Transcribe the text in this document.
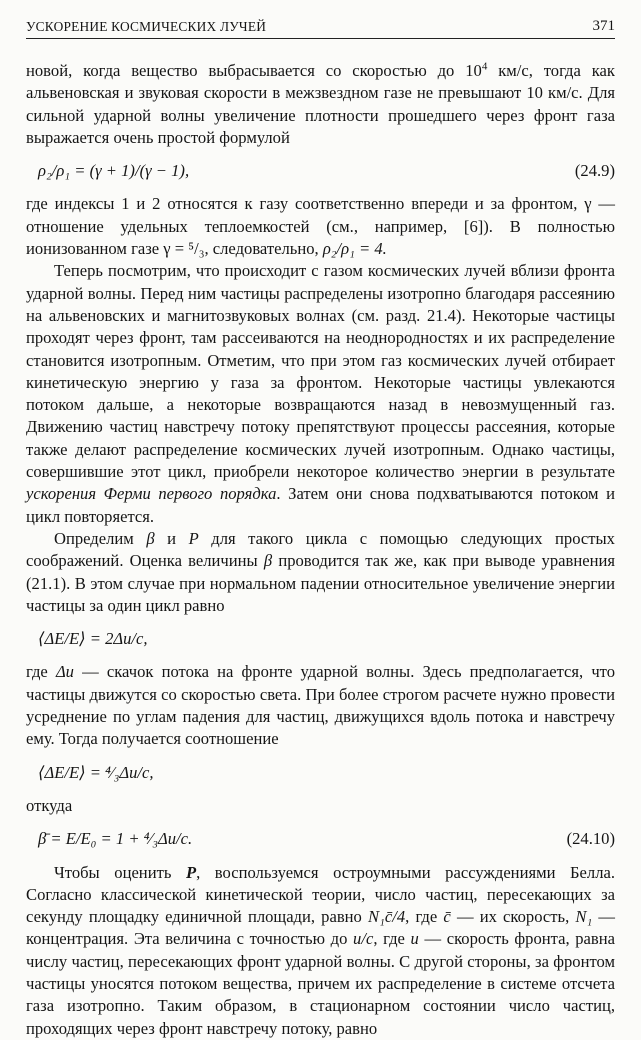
УСКОРЕНИЕ КОСМИЧЕСКИХ ЛУЧЕЙ	371

новой, когда вещество выбрасывается со скоростью до $10^4$ км/с, тогда как альвеновская и звуковая скорости в межзвездном газе не превышают 10 км/с. Для сильной ударной волны увеличение плотности прошедшего через фронт газа выражается очень простой формулой

ρ₂/ρ₁ = (γ + 1)/(γ − 1),	(24.9)

где индексы 1 и 2 относятся к газу соответственно впереди и за фронтом, γ — отношение удельных теплоемкостей (см., например, [6]). В полностью ионизованном газе γ = ⁵/₃, следовательно, ρ₂/ρ₁ = 4.

Теперь посмотрим, что происходит с газом космических лучей вблизи фронта ударной волны. Перед ним частицы распределены изотропно благодаря рассеянию на альвеновских и магнитозвуковых волнах (см. разд. 21.4). Некоторые частицы проходят через фронт, там рассеиваются на неоднородностях и их распределение становится изотропным. Отметим, что при этом газ космических лучей отбирает кинетическую энергию у газа за фронтом. Некоторые частицы увлекаются потоком дальше, а некоторые возвращаются назад в невозмущенный газ. Движению частиц навстречу потоку препятствуют процессы рассеяния, которые также делают распределение космических лучей изотропным. Однако частицы, совершившие этот цикл, приобрели некоторое количество энергии в результате ускорения Ферми первого порядка. Затем они снова подхватываются потоком и цикл повторяется.

Определим β и P для такого цикла с помощью следующих простых соображений. Оценка величины β проводится так же, как при выводе уравнения (21.1). В этом случае при нормальном падении относительное увеличение энергии частицы за один цикл равно

⟨ΔE/E⟩ = 2Δu/c,

где Δu — скачок потока на фронте ударной волны. Здесь предполагается, что частицы движутся со скоростью света. При более строгом расчете нужно провести усреднение по углам падения для частиц, движущихся вдоль потока и навстречу ему. Тогда получается соотношение

⟨ΔE/E⟩ = ⁴⁄₃Δu/c,

откуда

β̄ = E/E₀ = 1 + ⁴⁄₃Δu/c.	(24.10)

Чтобы оценить P, воспользуемся остроумными рассуждениями Белла. Согласно классической кинетической теории, число частиц, пересекающих за секунду площадку единичной площади, равно N₁c̄/4, где c̄ — их скорость, N₁ — концентрация. Эта величина с точностью до u/c, где u — скорость фронта, равна числу частиц, пересекающих фронт ударной волны. С другой стороны, за фронтом частицы уносятся потоком вещества, причем их распределение в системе отсчета газа изотропно. Таким образом, в стационарном состоянии число частиц, проходящих через фронт навстречу потоку, равно
